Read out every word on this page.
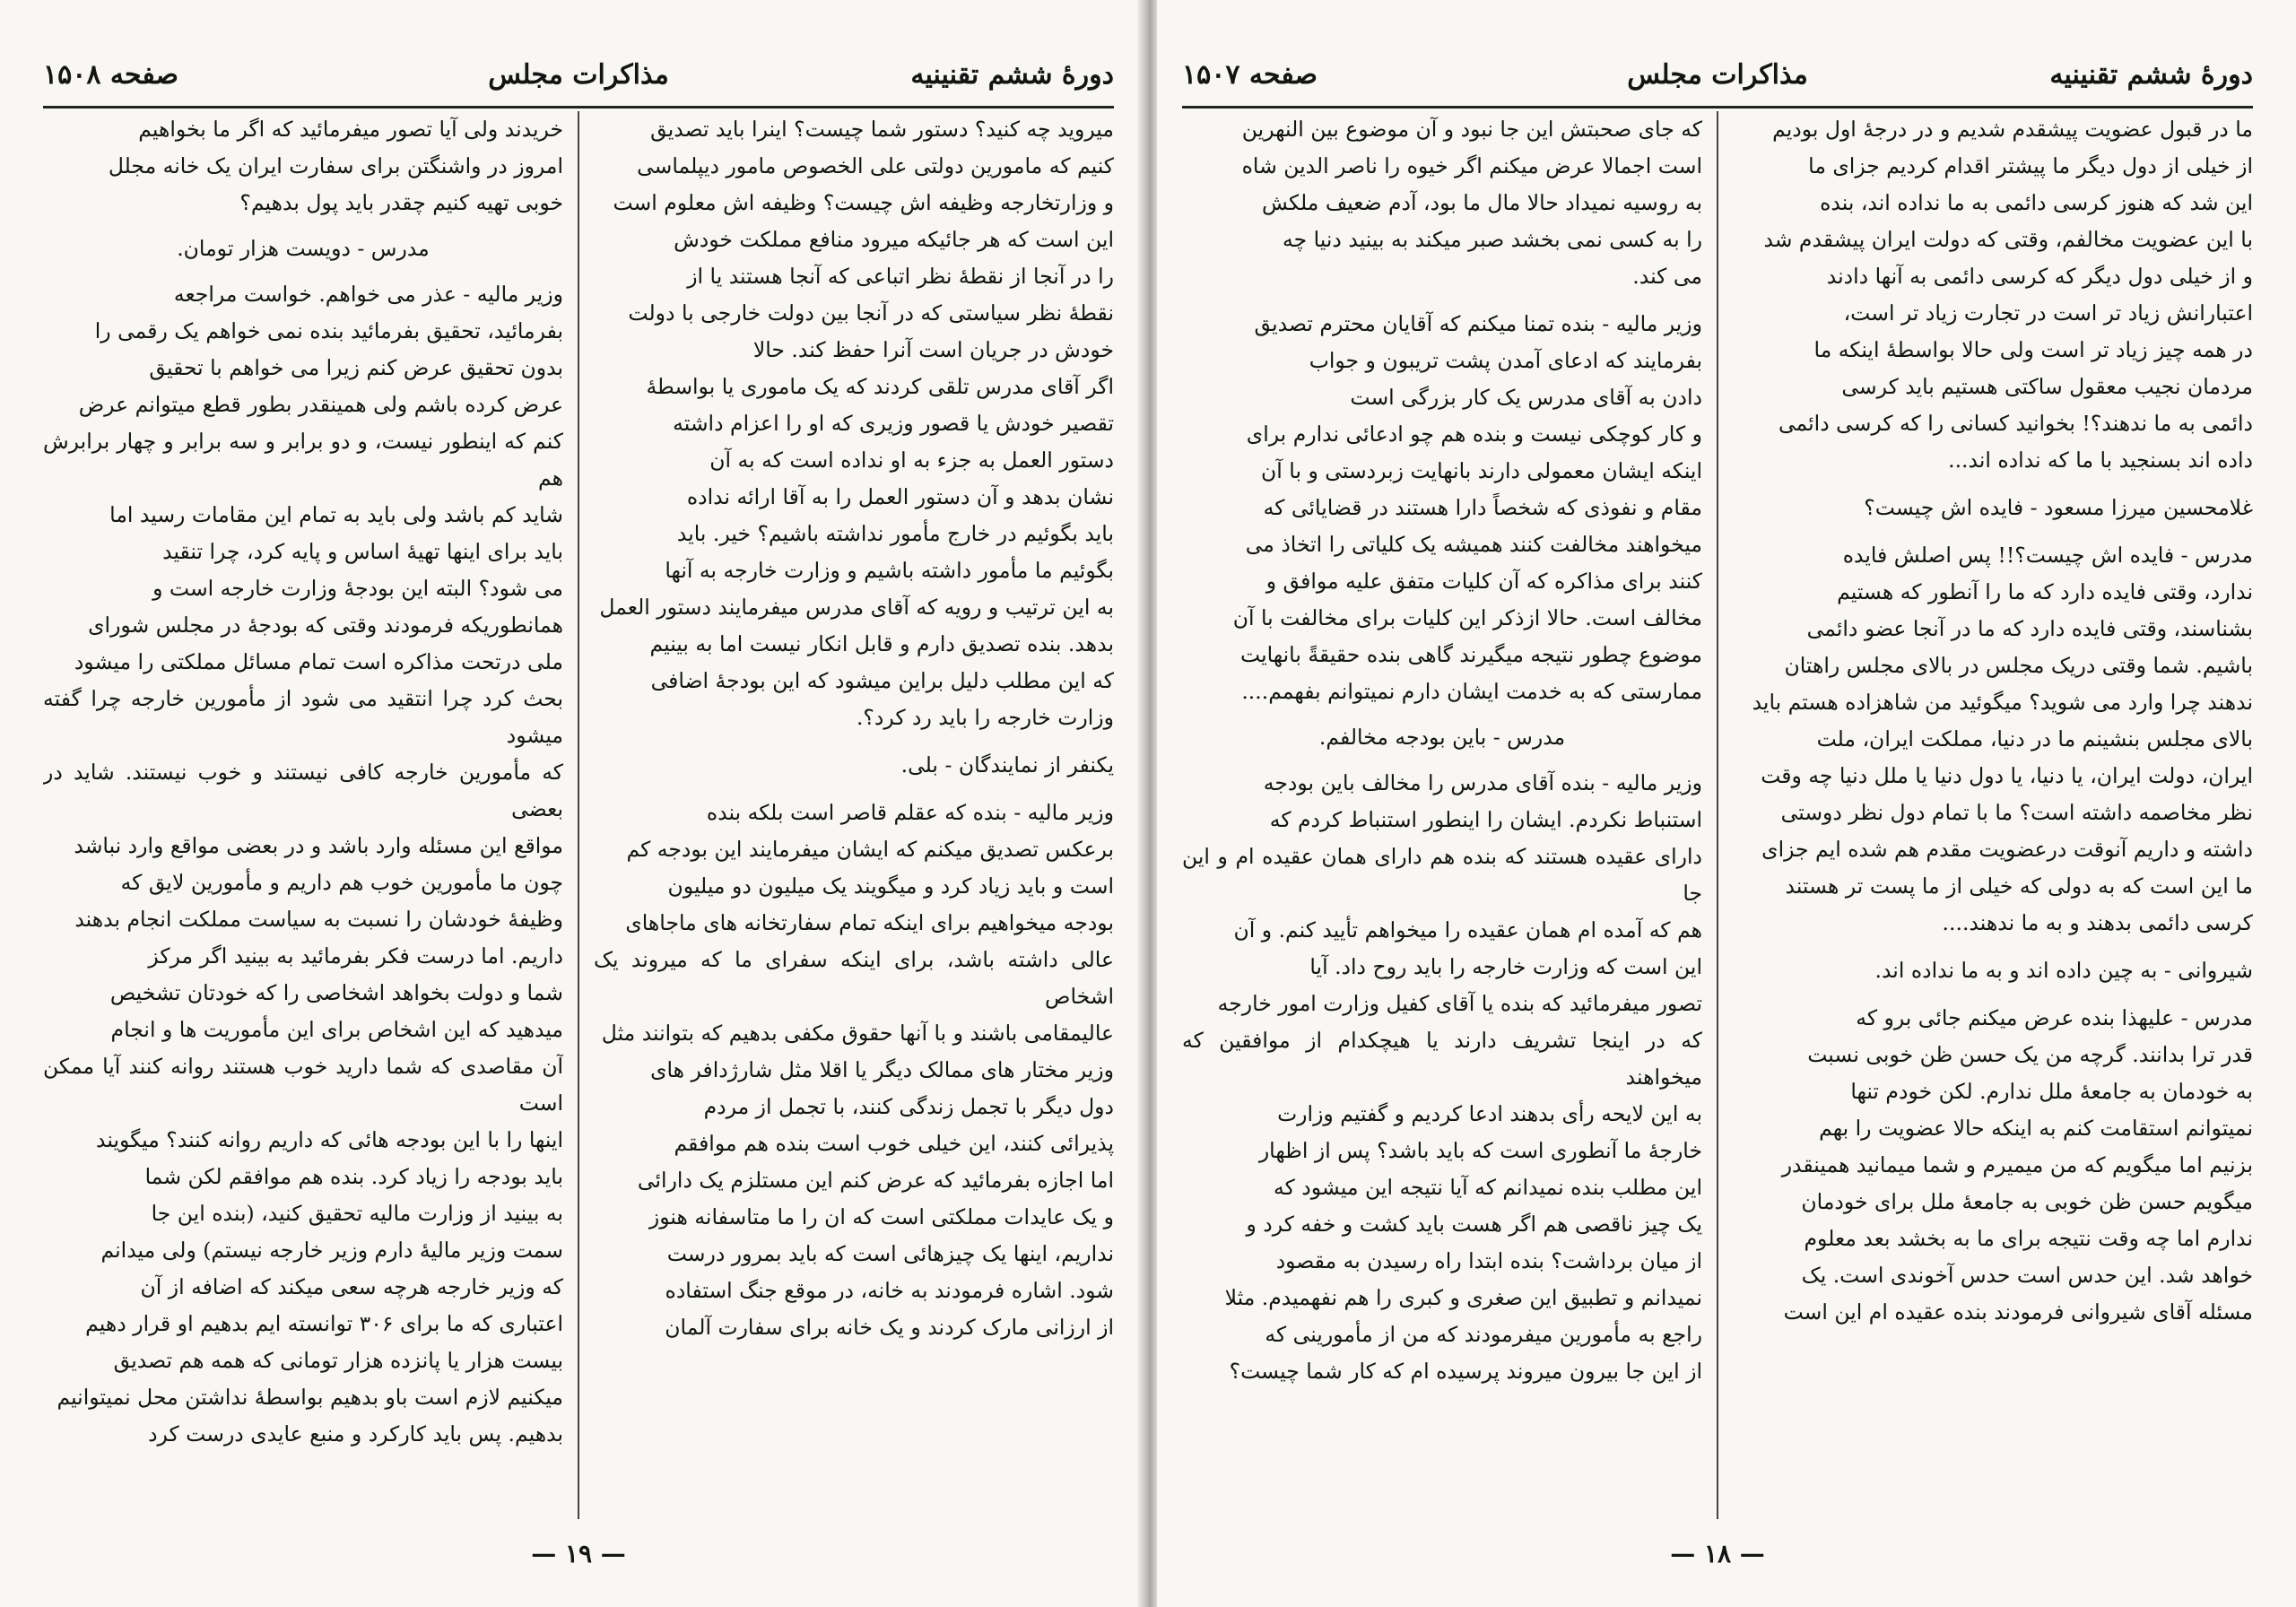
دورهٔ ششم تقنینیه
مذاکرات مجلس
صفحه ۱۵۰۸

میروید چه کنید؟ دستور شما چیست؟ اینرا باید تصدیق

کنیم که مامورین دولتی علی الخصوص مامور دیپلماسی

و وزارتخارجه وظیفه اش چیست؟ وظیفه اش معلوم است

این است که هر جائیکه میرود منافع مملکت خودش

را در آنجا از نقطهٔ نظر اتباعی که آنجا هستند یا از

نقطهٔ نظر سیاستی که در آنجا بین دولت خارجی با دولت

خودش در جریان است آنرا حفظ کند. حالا

اگر آقای مدرس تلقی کردند که یک ماموری یا بواسطهٔ

تقصیر خودش یا قصور وزیری که او را اعزام داشته

دستور العمل به جزء به او نداده است که به آن

نشان بدهد و آن دستور العمل را به آقا ارائه نداده

باید بگوئیم در خارج مأمور نداشته باشیم؟ خیر. باید

بگوئیم ما مأمور داشته باشیم و وزارت خارجه به آنها

به این ترتیب و رویه که آقای مدرس میفرمایند دستور العمل

بدهد. بنده تصدیق دارم و قابل انکار نیست اما به بینیم

که این مطلب دلیل براین میشود که این بودجهٔ اضافی

وزارت خارجه را باید رد کرد؟.

یکنفر از نمایندگان - بلی.

وزیر مالیه - بنده که عقلم قاصر است بلکه بنده

برعکس تصدیق میکنم که ایشان میفرمایند این بودجه کم

است و باید زیاد کرد و میگویند یک میلیون دو میلیون

بودجه میخواهیم برای اینکه تمام سفارتخانه های ماجاهای

عالی داشته باشد، برای اینکه سفرای ما که میروند یک اشخاص

عالیمقامی باشند و با آنها حقوق مکفی بدهیم که بتوانند مثل

وزیر مختار های ممالک دیگر یا اقلا مثل شارژدافر های

دول دیگر با تجمل زندگی کنند، با تجمل از مردم

پذیرائی کنند، این خیلی خوب است بنده هم موافقم

اما اجازه بفرمائید که عرض کنم این مستلزم یک دارائی

و یک عایدات مملکتی است که ان را ما متاسفانه هنوز

نداریم، اینها یک چیزهائی است که باید بمرور درست

شود. اشاره فرمودند به خانه، در موقع جنگ استفاده

از ارزانی مارک کردند و یک خانه برای سفارت آلمان

خریدند ولی آیا تصور میفرمائید که اگر ما بخواهیم

امروز در واشنگتن برای سفارت ایران یک خانه مجلل

خوبی تهیه کنیم چقدر باید پول بدهیم؟

مدرس - دویست هزار تومان.

وزیر مالیه - عذر می خواهم. خواست مراجعه

بفرمائید، تحقیق بفرمائید بنده نمی خواهم یک رقمی را

بدون تحقیق عرض کنم زیرا می خواهم با تحقیق

عرض کرده باشم ولی همینقدر بطور قطع میتوانم عرض

کنم که اینطور نیست، و دو برابر و سه برابر و چهار برابرش هم

شاید کم باشد ولی باید به تمام این مقامات رسید اما

باید برای اینها تهیهٔ اساس و پایه کرد، چرا تنقید

می شود؟ البته این بودجهٔ وزارت خارجه است و

همانطوریکه فرمودند وقتی که بودجهٔ در مجلس شورای

ملی درتحت مذاکره است تمام مسائل مملکتی را میشود

بحث کرد چرا انتقید می شود از مأمورین خارجه چرا گفته میشود

که مأمورین خارجه کافی نیستند و خوب نیستند. شاید در بعضی

مواقع این مسئله وارد باشد و در بعضی مواقع وارد نباشد

چون ما مأمورین خوب هم داریم و مأمورین لایق که

وظیفهٔ خودشان را نسبت به سیاست مملکت انجام بدهند

داریم. اما درست فکر بفرمائید به بینید اگر مرکز

شما و دولت بخواهد اشخاصی را که خودتان تشخیص

میدهید که این اشخاص برای این مأموریت ها و انجام

آن مقاصدی که شما دارید خوب هستند روانه کنند آیا ممکن است

اینها را با این بودجه هائی که داریم روانه کنند؟ میگویند

باید بودجه را زیاد کرد. بنده هم موافقم لکن شما

به بینید از وزارت مالیه تحقیق کنید، (بنده این جا

سمت وزیر مالیهٔ دارم وزیر خارجه نیستم) ولی میدانم

که وزیر خارجه هرچه سعی میکند که اضافه از آن

اعتباری که ما برای ۳۰۶ توانسته ایم بدهیم او قرار دهیم

بیست هزار یا پانزده هزار تومانی که همه هم تصدیق

میکنیم لازم است باو بدهیم بواسطهٔ نداشتن محل نمیتوانیم

بدهیم. پس باید کارکرد و منبع عایدی درست کرد

— ١٩ —
دورهٔ ششم تقنینیه
مذاکرات مجلس
صفحه ۱۵۰۷

ما در قبول عضویت پیشقدم شدیم و در درجهٔ اول بودیم

از خیلی از دول دیگر ما پیشتر اقدام کردیم جزای ما

این شد که هنوز کرسی دائمی به ما نداده اند، بنده

با این عضویت مخالفم، وقتی که دولت ایران پیشقدم شد

و از خیلی دول دیگر که کرسی دائمی به آنها دادند

اعتبارانش زیاد تر است در تجارت زیاد تر است،

در همه چیز زیاد تر است ولی حالا بواسطهٔ اینکه ما

مردمان نجیب معقول ساکتی هستیم باید کرسی

دائمی به ما ندهند؟! بخوانید کسانی را که کرسی دائمی

داده اند بسنجید با ما که نداده اند...

غلامحسین میرزا مسعود - فایده اش چیست؟

مدرس - فایده اش چیست؟!! پس اصلش فایده

ندارد، وقتی فایده دارد که ما را آنطور که هستیم

بشناسند، وقتی فایده دارد که ما در آنجا عضو دائمی

باشیم. شما وقتی دریک مجلس در بالای مجلس راهتان

ندهند چرا وارد می شوید؟ میگوئید من شاهزاده هستم باید

بالای مجلس بنشینم ما در دنیا، مملکت ایران، ملت

ایران، دولت ایران، یا دنیا، یا دول دنیا یا ملل دنیا چه وقت

نظر مخاصمه داشته است؟ ما با تمام دول نظر دوستی

داشته و داریم آنوقت درعضویت مقدم هم شده ایم جزای

ما این است که به دولی که خیلی از ما پست تر هستند

کرسی دائمی بدهند و به ما ندهند....

شیروانی - به چین داده اند و به ما نداده اند.

مدرس - علیهذا بنده عرض میکنم جائی برو که

قدر ترا بدانند. گرچه من یک حسن ظن خوبی نسبت

به خودمان به جامعهٔ ملل ندارم. لکن خودم تنها

نمیتوانم استقامت کنم به اینکه حالا عضویت را بهم

بزنیم اما میگویم که من میمیرم و شما میمانید همینقدر

میگویم حسن ظن خوبی به جامعهٔ ملل برای خودمان

ندارم اما چه وقت نتیجه برای ما به بخشد بعد معلوم

خواهد شد. این حدس است حدس آخوندی است. یک

مسئله آقای شیروانی فرمودند بنده عقیده ام این است

که جای صحبتش این جا نبود و آن موضوع بین النهرین

است اجمالا عرض میکنم اگر خیوه را ناصر الدین شاه

به روسیه نمیداد حالا مال ما بود، آدم ضعیف ملکش

را به کسی نمی بخشد صبر میکند به بینید دنیا چه

می کند.

وزیر مالیه - بنده تمنا میکنم که آقایان محترم تصدیق

بفرمایند که ادعای آمدن پشت تریبون و جواب

دادن به آقای مدرس یک کار بزرگی است

و کار کوچکی نیست و بنده هم چو ادعائی ندارم برای

اینکه ایشان معمولی دارند بانهایت زبردستی و با آن

مقام و نفوذی که شخصاً دارا هستند در قضایائی که

میخواهند مخالفت کنند همیشه یک کلیاتی را اتخاذ می

کنند برای مذاکره که آن کلیات متفق علیه موافق و

مخالف است. حالا ازذکر این کلیات برای مخالفت با آن

موضوع چطور نتیجه میگیرند گاهی بنده حقیقةً بانهایت

ممارستی که به خدمت ایشان دارم نمیتوانم بفهمم....

مدرس - باین بودجه مخالفم.

وزیر مالیه - بنده آقای مدرس را مخالف باین بودجه

استنباط نکردم. ایشان را اینطور استنباط کردم که

دارای عقیده هستند که بنده هم دارای همان عقیده ام و این جا

هم که آمده ام همان عقیده را میخواهم تأیید کنم. و آن

این است که وزارت خارجه را باید روح داد. آیا

تصور میفرمائید که بنده یا آقای کفیل وزارت امور خارجه

که در اینجا تشریف دارند یا هیچکدام از موافقین که میخواهند

به این لایحه رأی بدهند ادعا کردیم و گفتیم وزارت

خارجهٔ ما آنطوری است که باید باشد؟ پس از اظهار

این مطلب بنده نمیدانم که آیا نتیجه این میشود که

یک چیز ناقصی هم اگر هست باید کشت و خفه کرد و

از میان برداشت؟ بنده ابتدا راه رسیدن به مقصود

نمیدانم و تطبیق این صغری و کبری را هم نفهمیدم. مثلا

راجع به مأمورین میفرمودند که من از مأمورینی که

از این جا بیرون میروند پرسیده ام که کار شما چیست؟

— ١٨ —
